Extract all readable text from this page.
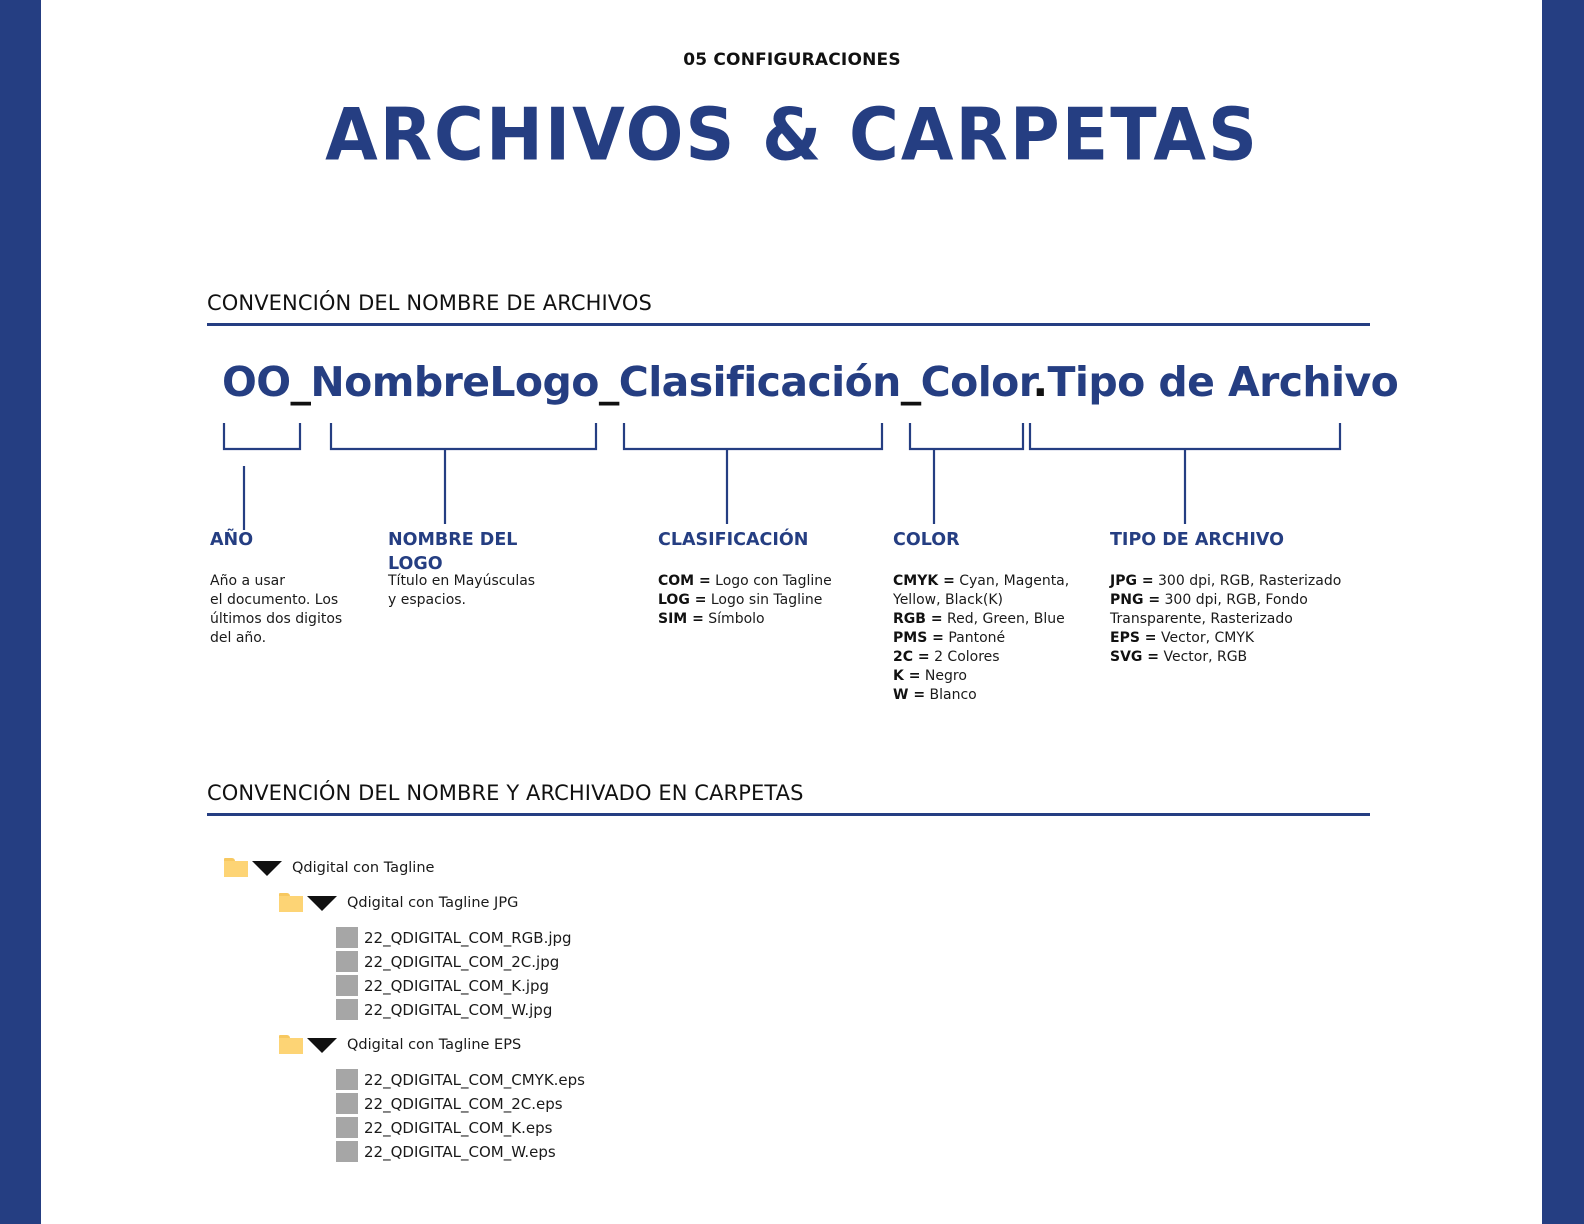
05 CONFIGURACIONES
ARCHIVOS & CARPETAS
CONVENCIÓN DEL NOMBRE DE ARCHIVOS
OO_NombreLogo_Clasificación_Color.Tipo de Archivo
AÑO
Año a usar
el documento. Los
últimos dos digitos
del año.
NOMBRE DEL
LOGO
Título en Mayúsculas
y espacios.
CLASIFICACIÓN
COM = Logo con Tagline
LOG = Logo sin Tagline
SIM = Símbolo
COLOR
CMYK = Cyan, Magenta,
Yellow, Black(K)
RGB = Red, Green, Blue
PMS = Pantoné
2C = 2 Colores
K = Negro
W = Blanco
TIPO DE ARCHIVO
JPG = 300 dpi, RGB, Rasterizado
PNG = 300 dpi, RGB, Fondo
Transparente, Rasterizado
EPS = Vector, CMYK
SVG = Vector, RGB
CONVENCIÓN DEL NOMBRE Y ARCHIVADO EN CARPETAS
Qdigital con Tagline
Qdigital con Tagline JPG
22_QDIGITAL_COM_RGB.jpg
22_QDIGITAL_COM_2C.jpg
22_QDIGITAL_COM_K.jpg
22_QDIGITAL_COM_W.jpg
Qdigital con Tagline EPS
22_QDIGITAL_COM_CMYK.eps
22_QDIGITAL_COM_2C.eps
22_QDIGITAL_COM_K.eps
22_QDIGITAL_COM_W.eps
